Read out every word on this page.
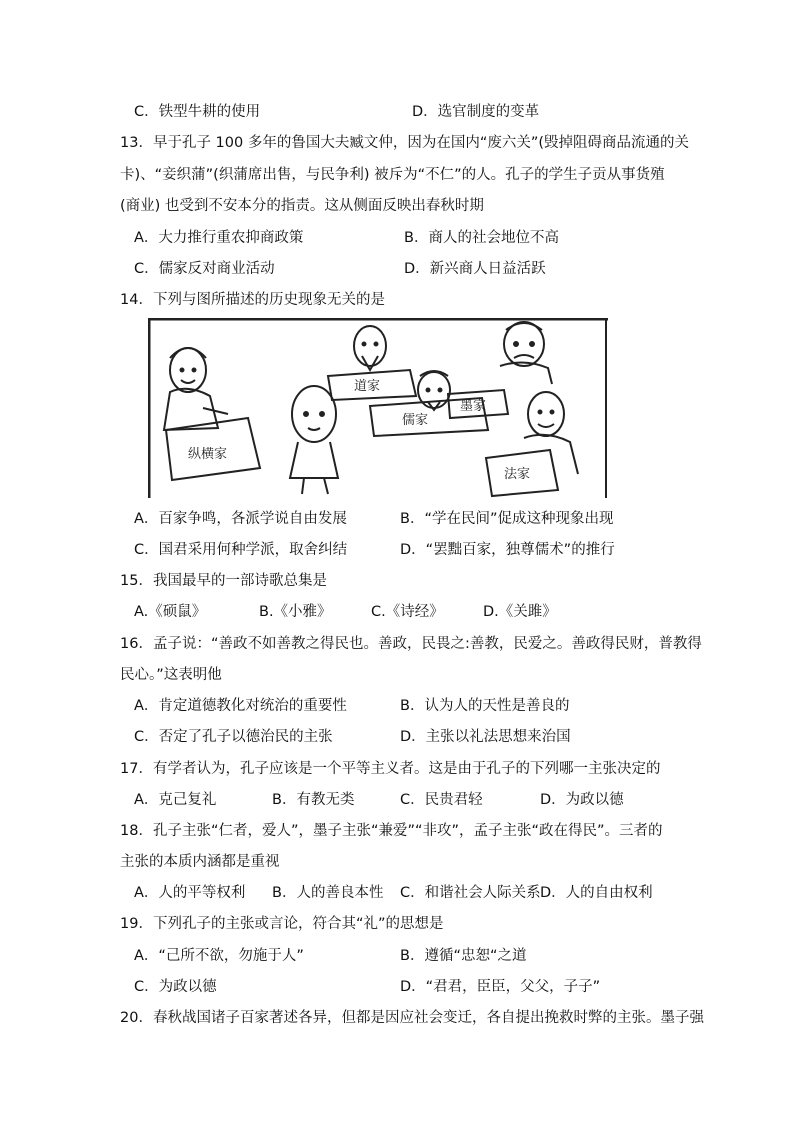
C．铁型牛耕的使用	D．选官制度的变革
13．早于孔子 100 多年的鲁国大夫臧文仲，因为在国内“废六关”(毁掉阻碍商品流通的关
卡)、“妾织蒲”(织蒲席出售，与民争利) 被斥为“不仁”的人。孔子的学生子贡从事货殖
(商业) 也受到不安本分的指责。这从侧面反映出春秋时期
A．大力推行重农抑商政策	B．商人的社会地位不高
C．儒家反对商业活动	D．新兴商人日益活跃
14．下列与图所描述的历史现象无关的是
纵横家
道家
儒家
墨家
法家
A．百家争鸣，各派学说自由发展	B．“学在民间”促成这种现象出现
C．国君采用何种学派，取舍纠结	D．“罢黜百家，独尊儒术”的推行
15．我国最早的一部诗歌总集是
A.《硕鼠》	B.《小雅》	C.《诗经》	D.《关雎》
16．孟子说：“善政不如善教之得民也。善政，民畏之:善教，民爱之。善政得民财，普教得
民心。”这表明他
A．肯定道德教化对统治的重要性	B．认为人的天性是善良的
C．否定了孔子以德治民的主张	D．主张以礼法思想来治国
17．有学者认为，孔子应该是一个平等主义者。这是由于孔子的下列哪一主张决定的
A．克己复礼	B．有教无类	C．民贵君轻	D．为政以德
18．孔子主张“仁者，爱人”，墨子主张“兼爱”“非攻”，孟子主张“政在得民”。三者的
主张的本质内涵都是重视
A．人的平等权利 B．人的善良本性 C．和谐社会人际关系 D．人的自由权利
19．下列孔子的主张或言论，符合其“礼”的思想是
A．“己所不欲，勿施于人”	B．遵循“忠恕“之道
C．为政以德	D．“君君，臣臣，父父，子子”
20．春秋战国诸子百家著述各异，但都是因应社会变迁，各自提出挽救时弊的主张。墨子强
